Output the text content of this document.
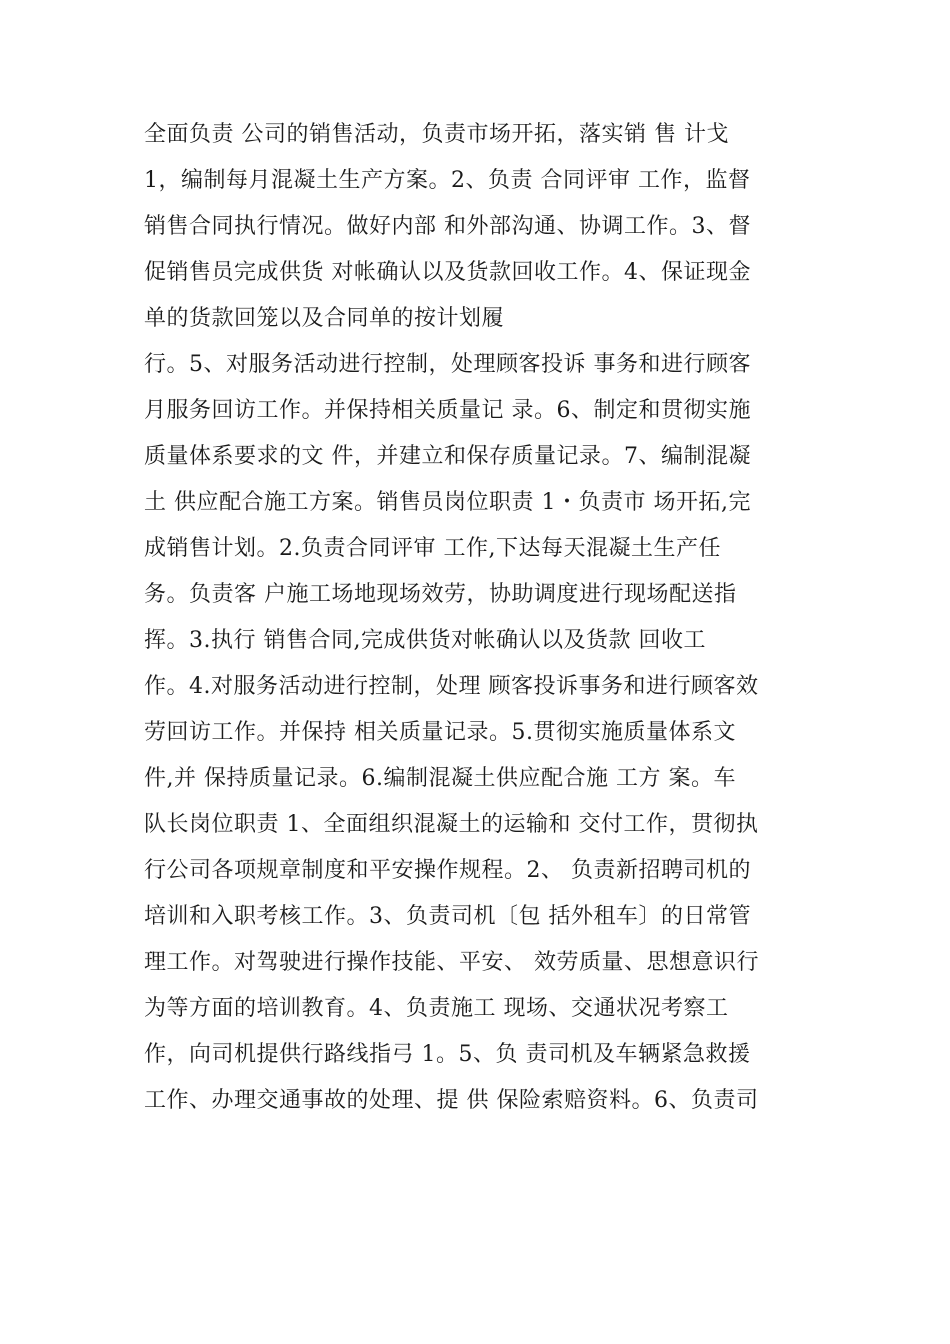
全面负责 公司的销售活动，负责市场开拓，落实销 售 计戈
1，编制每月混凝土生产方案。2、负责 合同评审 工作，监督
销售合同执行情况。做好内部 和外部沟通、协调工作。3、督
促销售员完成供货 对帐确认以及货款回收工作。4、保证现金
单的货款回笼以及合同单的按计划履
行。5、对服务活动进行控制，处理顾客投诉 事务和进行顾客
月服务回访工作。并保持相关质量记 录。6、制定和贯彻实施
质量体系要求的文 件，并建立和保存质量记录。7、编制混凝
土 供应配合施工方案。销售员岗位职责 1・负责市 场开拓,完
成销售计划。2.负责合同评审 工作,下达每天混凝土生产任
务。负责客 户施工场地现场效劳，协助调度进行现场配送指
挥。3.执行 销售合同,完成供货对帐确认以及货款 回收工
作。4.对服务活动进行控制，处理 顾客投诉事务和进行顾客效
劳回访工作。并保持 相关质量记录。5.贯彻实施质量体系文
件,并 保持质量记录。6.编制混凝土供应配合施 工方 案。车
队长岗位职责 1、全面组织混凝土的运输和 交付工作，贯彻执
行公司各项规章制度和平安操作规程。2、 负责新招聘司机的
培训和入职考核工作。3、负责司机〔包 括外租车〕的日常管
理工作。对驾驶进行操作技能、平安、 效劳质量、思想意识行
为等方面的培训教育。4、负责施工 现场、交通状况考察工
作，向司机提供行路线指弓 1。5、负 责司机及车辆紧急救援
工作、办理交通事故的处理、提 供 保险索赔资料。6、负责司
